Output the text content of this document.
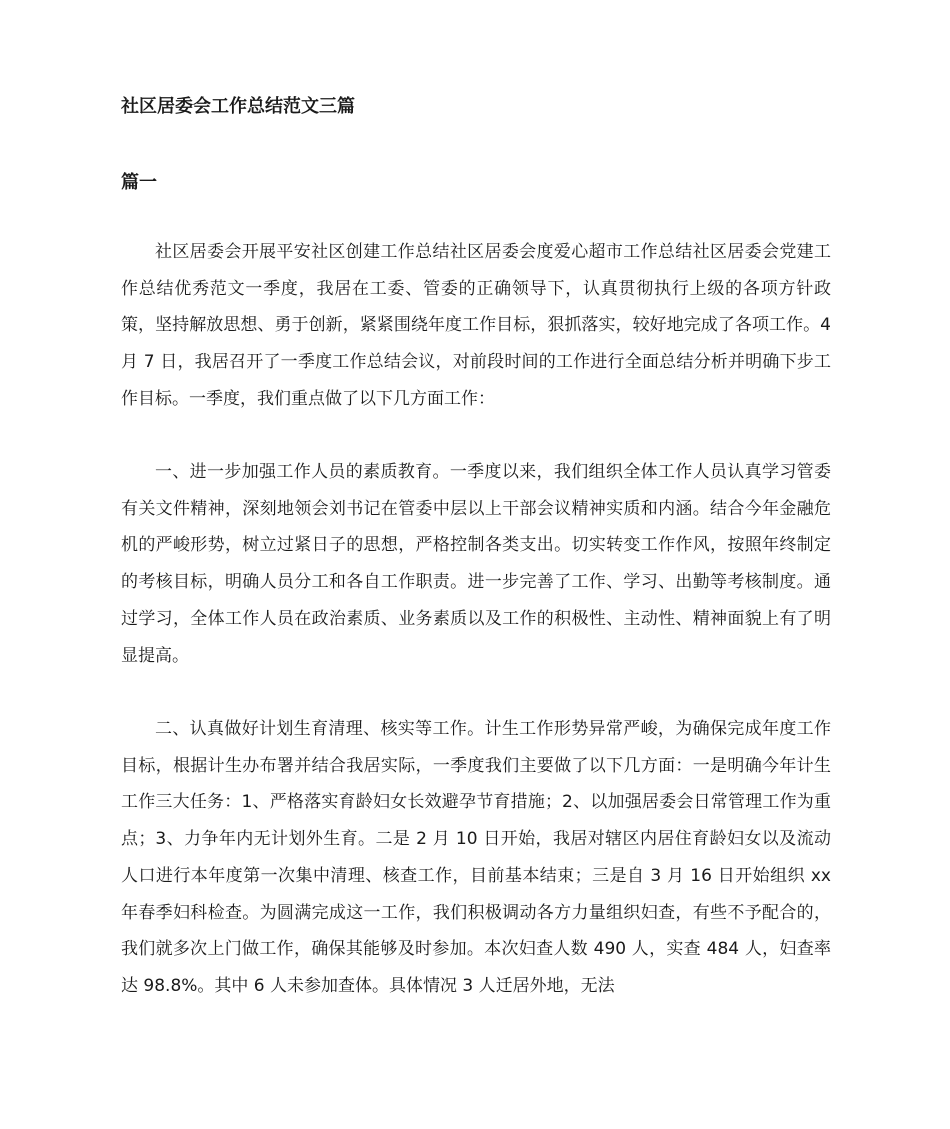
社区居委会工作总结范文三篇
篇一

社区居委会开展平安社区创建工作总结社区居委会度爱心超市工作总结社区居委会党建工作总结优秀范文一季度，我居在工委、管委的正确领导下，认真贯彻执行上级的各项方针政策，坚持解放思想、勇于创新，紧紧围绕年度工作目标，狠抓落实，较好地完成了各项工作。4 月 7 日，我居召开了一季度工作总结会议，对前段时间的工作进行全面总结分析并明确下步工作目标。一季度，我们重点做了以下几方面工作：

一、进一步加强工作人员的素质教育。一季度以来，我们组织全体工作人员认真学习管委有关文件精神，深刻地领会刘书记在管委中层以上干部会议精神实质和内涵。结合今年金融危机的严峻形势，树立过紧日子的思想，严格控制各类支出。切实转变工作作风，按照年终制定的考核目标，明确人员分工和各自工作职责。进一步完善了工作、学习、出勤等考核制度。通过学习，全体工作人员在政治素质、业务素质以及工作的积极性、主动性、精神面貌上有了明显提高。

二、认真做好计划生育清理、核实等工作。计生工作形势异常严峻，为确保完成年度工作目标，根据计生办布署并结合我居实际，一季度我们主要做了以下几方面：一是明确今年计生工作三大任务：1、严格落实育龄妇女长效避孕节育措施；2、以加强居委会日常管理工作为重点；3、力争年内无计划外生育。二是 2 月 10 日开始，我居对辖区内居住育龄妇女以及流动人口进行本年度第一次集中清理、核查工作，目前基本结束；三是自 3 月 16 日开始组织 xx 年春季妇科检查。为圆满完成这一工作，我们积极调动各方力量组织妇查，有些不予配合的，我们就多次上门做工作，确保其能够及时参加。本次妇查人数 490 人，实查 484 人，妇查率达 98.8%。其中 6 人未参加查体。具体情况 3 人迁居外地，无法
